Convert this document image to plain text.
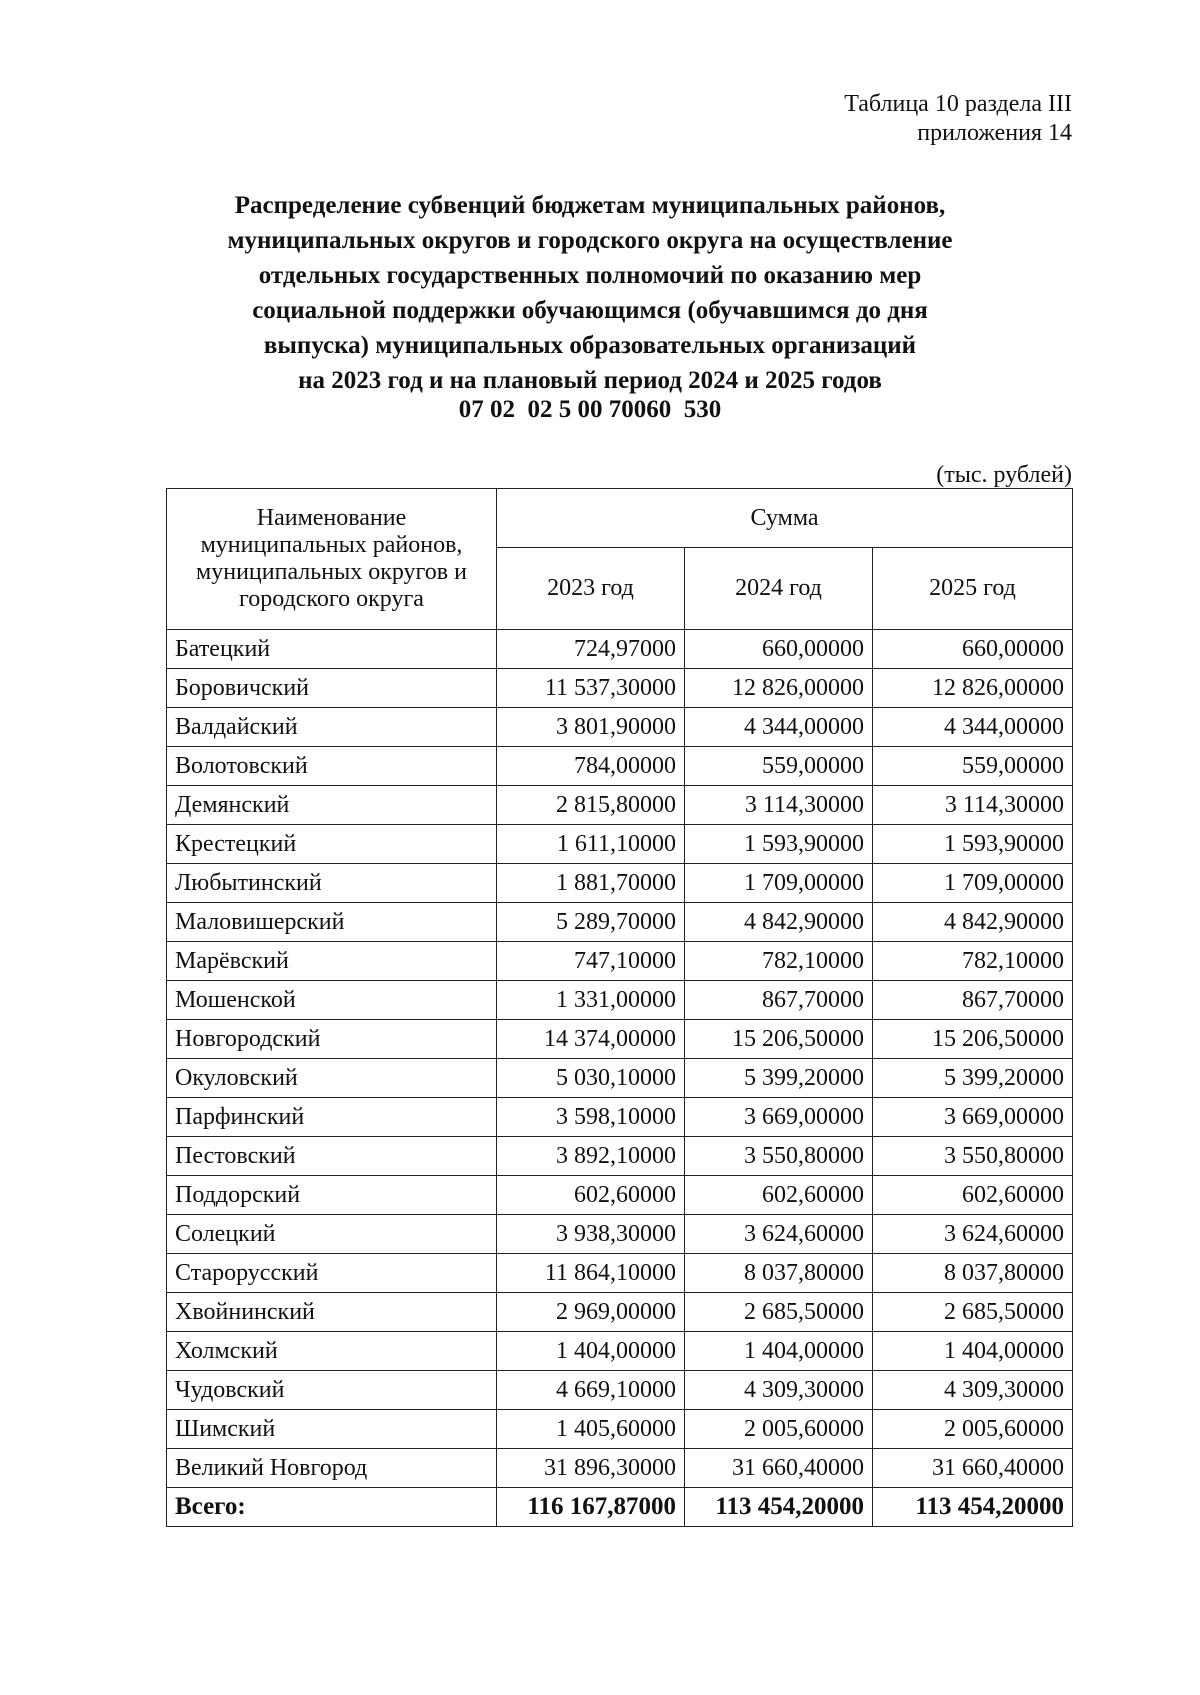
Таблица 10 раздела III
приложения 14
Распределение субвенций бюджетам муниципальных районов,
муниципальных округов и городского округа на осуществление
отдельных государственных полномочий по оказанию мер
социальной поддержки обучающимся (обучавшимся до дня
выпуска) муниципальных образовательных организаций
на 2023 год и на плановый период 2024 и 2025 годов
07 02  02 5 00 70060  530
(тыс. рублей)
Наименование муниципальных районов, муниципальных округов и городского округа	Сумма		
	2023 год	2024 год	2025 год
Батецкий	724,97000	660,00000	660,00000
Боровичский	11 537,30000	12 826,00000	12 826,00000
Валдайский	3 801,90000	4 344,00000	4 344,00000
Волотовский	784,00000	559,00000	559,00000
Демянский	2 815,80000	3 114,30000	3 114,30000
Крестецкий	1 611,10000	1 593,90000	1 593,90000
Любытинский	1 881,70000	1 709,00000	1 709,00000
Маловишерский	5 289,70000	4 842,90000	4 842,90000
Марёвский	747,10000	782,10000	782,10000
Мошенской	1 331,00000	867,70000	867,70000
Новгородский	14 374,00000	15 206,50000	15 206,50000
Окуловский	5 030,10000	5 399,20000	5 399,20000
Парфинский	3 598,10000	3 669,00000	3 669,00000
Пестовский	3 892,10000	3 550,80000	3 550,80000
Поддорский	602,60000	602,60000	602,60000
Солецкий	3 938,30000	3 624,60000	3 624,60000
Старорусский	11 864,10000	8 037,80000	8 037,80000
Хвойнинский	2 969,00000	2 685,50000	2 685,50000
Холмский	1 404,00000	1 404,00000	1 404,00000
Чудовский	4 669,10000	4 309,30000	4 309,30000
Шимский	1 405,60000	2 005,60000	2 005,60000
Великий Новгород	31 896,30000	31 660,40000	31 660,40000
Всего:	116 167,87000	113 454,20000	113 454,20000
